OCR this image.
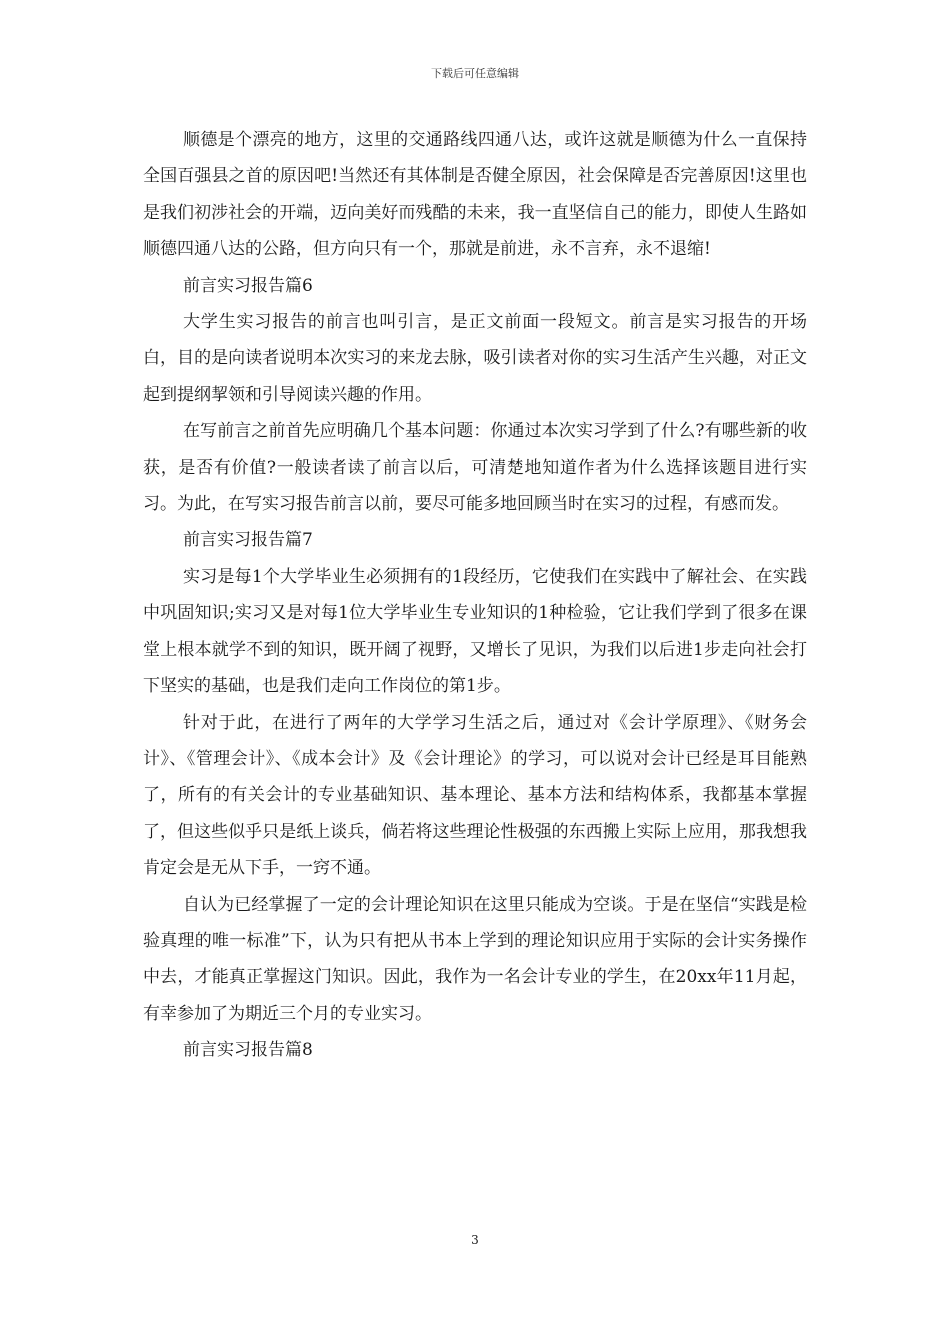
下载后可任意编辑

顺德是个漂亮的地方，这里的交通路线四通八达，或许这就是顺德为什么一直保持全国百强县之首的原因吧!当然还有其体制是否健全原因，社会保障是否完善原因!这里也是我们初涉社会的开端，迈向美好而残酷的未来，我一直坚信自己的能力，即使人生路如顺德四通八达的公路，但方向只有一个，那就是前进，永不言弃，永不退缩!

前言实习报告篇6

大学生实习报告的前言也叫引言，是正文前面一段短文。前言是实习报告的开场白，目的是向读者说明本次实习的来龙去脉，吸引读者对你的实习生活产生兴趣，对正文起到提纲挈领和引导阅读兴趣的作用。

在写前言之前首先应明确几个基本问题：你通过本次实习学到了什么?有哪些新的收获，是否有价值?一般读者读了前言以后，可清楚地知道作者为什么选择该题目进行实习。为此，在写实习报告前言以前，要尽可能多地回顾当时在实习的过程，有感而发。

前言实习报告篇7

实习是每1个大学毕业生必须拥有的1段经历，它使我们在实践中了解社会、在实践中巩固知识;实习又是对每1位大学毕业生专业知识的1种检验，它让我们学到了很多在课堂上根本就学不到的知识，既开阔了视野，又增长了见识，为我们以后进1步走向社会打下坚实的基础，也是我们走向工作岗位的第1步。

针对于此，在进行了两年的大学学习生活之后，通过对《会计学原理》、《财务会计》、《管理会计》、《成本会计》及《会计理论》的学习，可以说对会计已经是耳目能熟了，所有的有关会计的专业基础知识、基本理论、基本方法和结构体系，我都基本掌握了，但这些似乎只是纸上谈兵，倘若将这些理论性极强的东西搬上实际上应用，那我想我肯定会是无从下手，一窍不通。

自认为已经掌握了一定的会计理论知识在这里只能成为空谈。于是在坚信“实践是检验真理的唯一标准”下，认为只有把从书本上学到的理论知识应用于实际的会计实务操作中去，才能真正掌握这门知识。因此，我作为一名会计专业的学生，在20xx年11月起，有幸参加了为期近三个月的专业实习。

前言实习报告篇8

3
